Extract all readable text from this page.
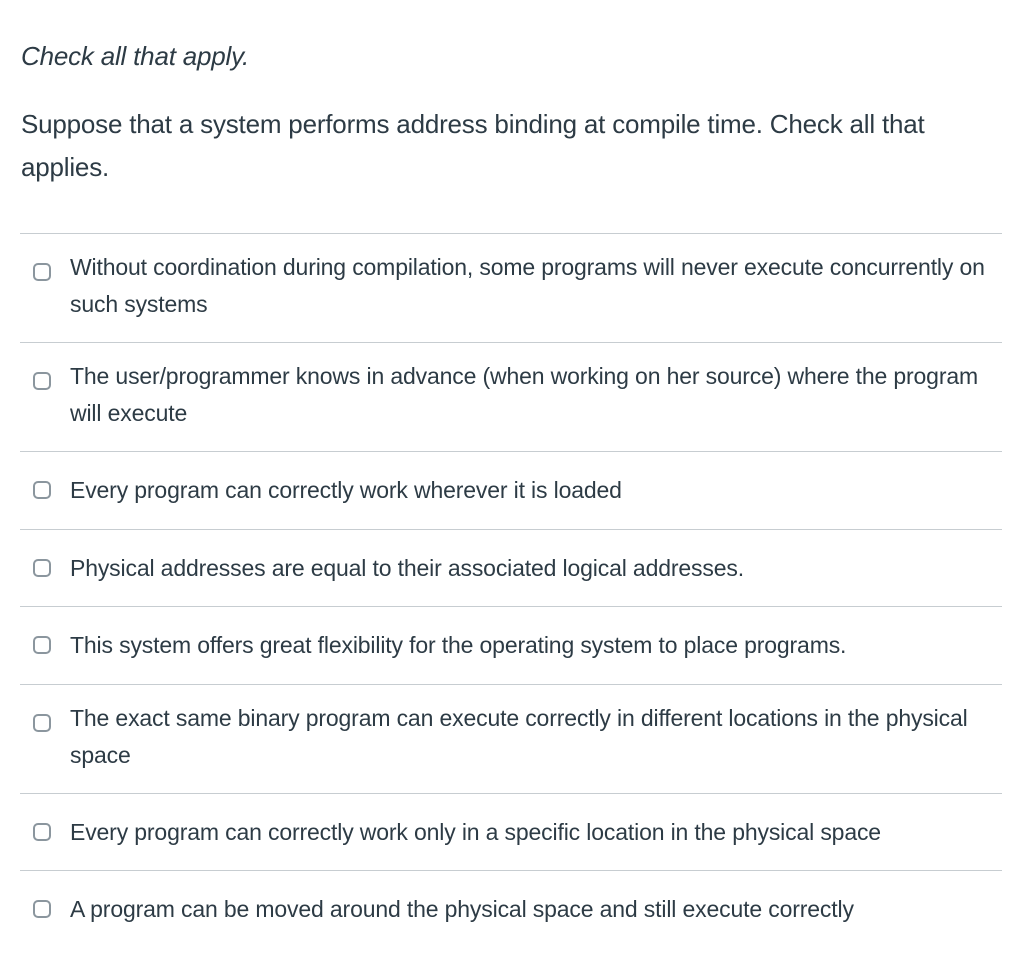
Check all that apply.

Suppose that a system performs address binding at compile time. Check all that applies.

Without coordination during compilation, some programs will never execute concurrently on such systems
The user/programmer knows in advance (when working on her source) where the program will execute
Every program can correctly work wherever it is loaded
Physical addresses are equal to their associated logical addresses.
This system offers great flexibility for the operating system to place programs.
The exact same binary program can execute correctly in different locations in the physical space
Every program can correctly work only in a specific location in the physical space
A program can be moved around the physical space and still execute correctly
